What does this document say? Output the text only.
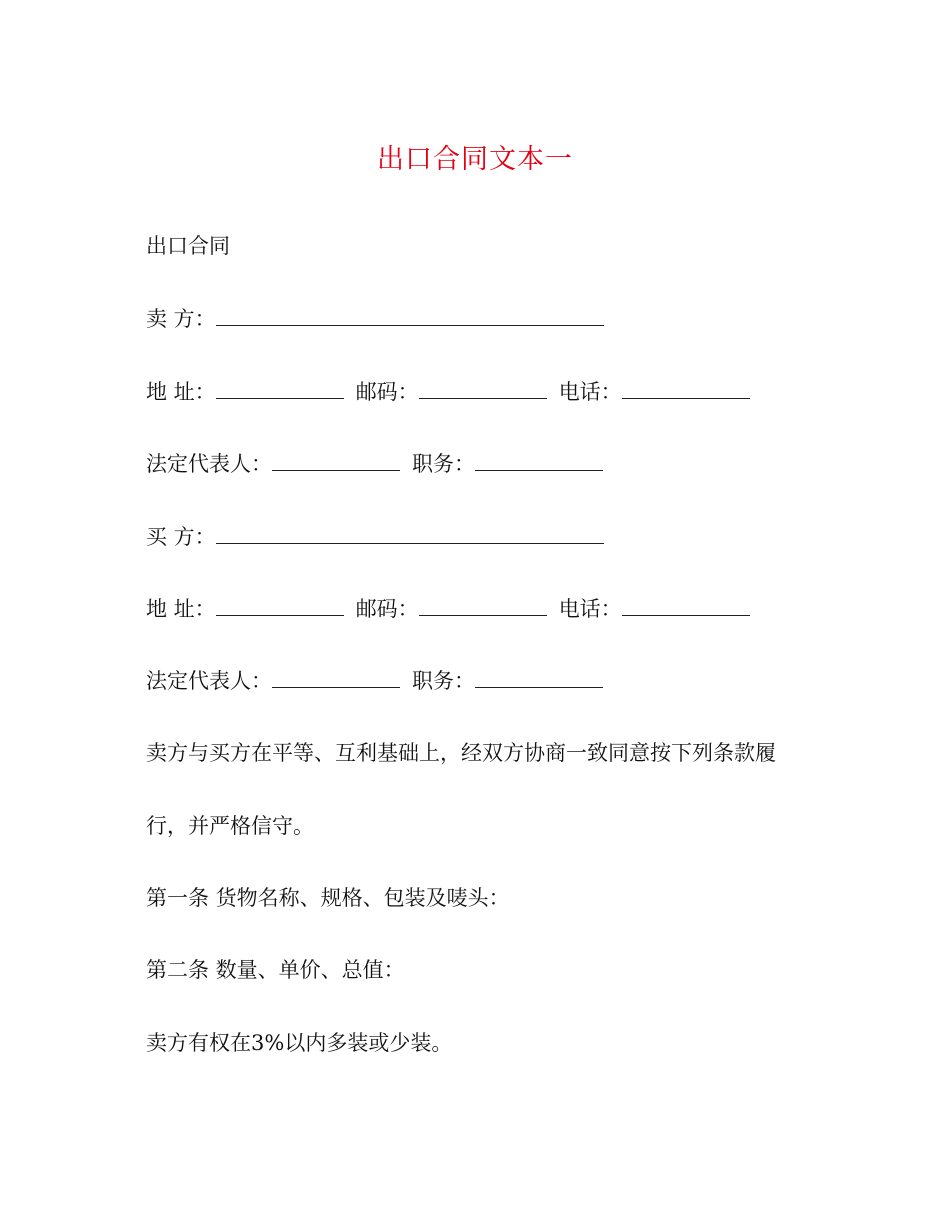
出口合同文本一
出口合同
卖 方：
地 址：	邮码：	电话：
法定代表人：	职务：
买 方：
地 址：	邮码：	电话：
法定代表人：	职务：
卖方与买方在平等、互利基础上，经双方协商一致同意按下列条款履
行，并严格信守。
第一条 货物名称、规格、包装及唛头：
第二条 数量、单价、总值：
卖方有权在3%以内多装或少装。
